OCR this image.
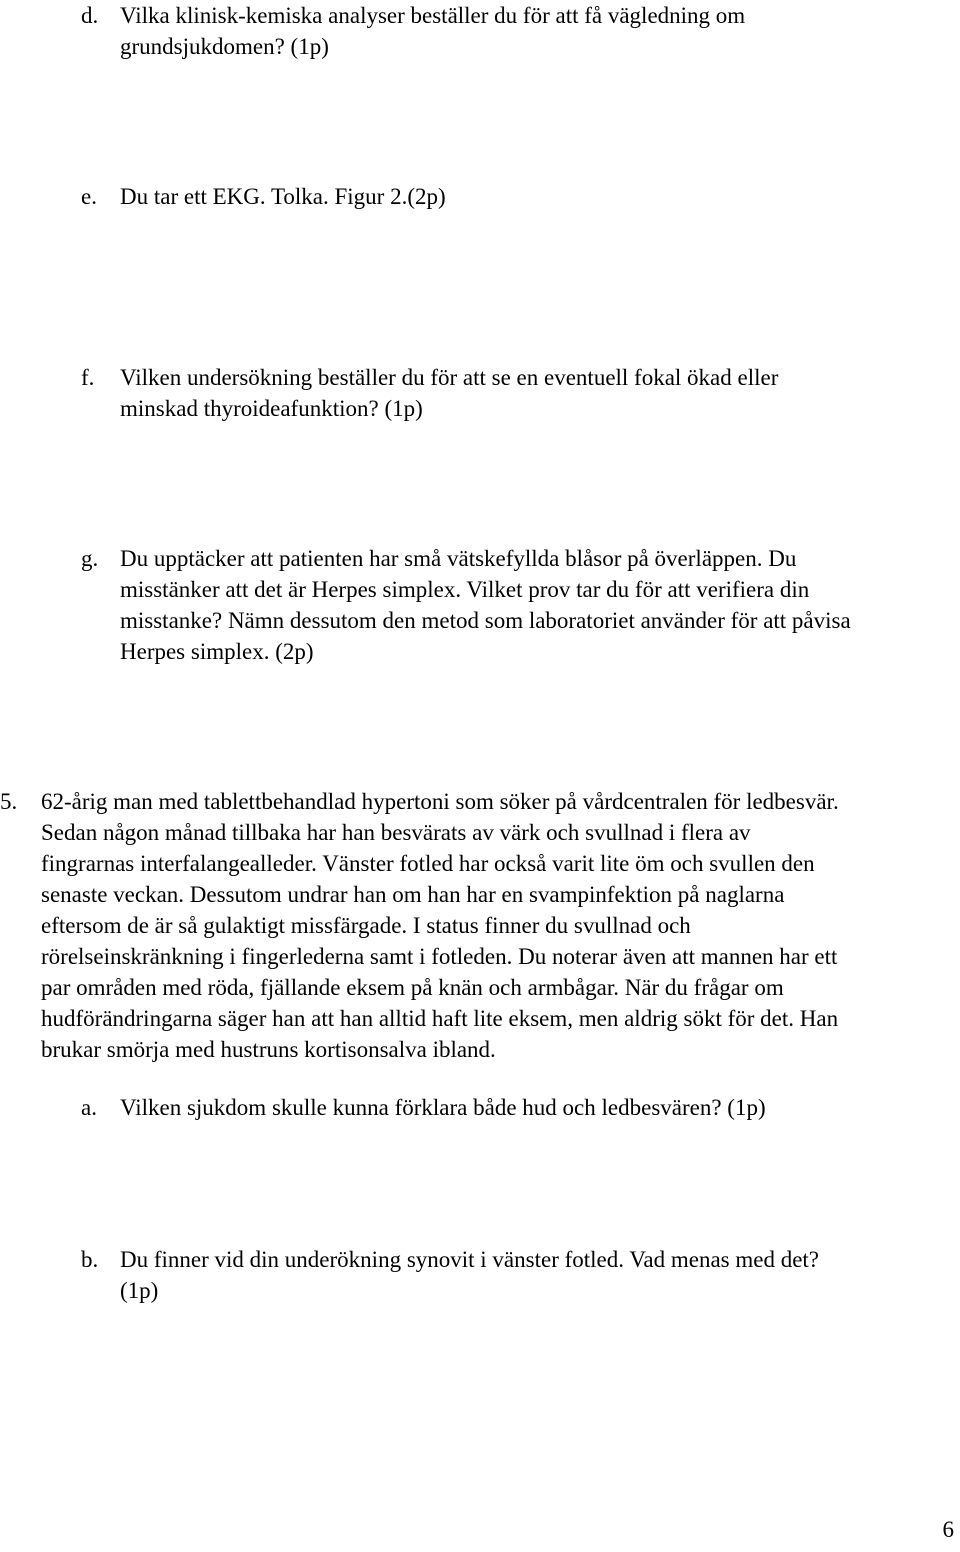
d. Vilka klinisk-kemiska analyser beställer du för att få vägledning om
grundsjukdomen? (1p)
e. Du tar ett EKG. Tolka. Figur 2.(2p)
f. Vilken undersökning beställer du för att se en eventuell fokal ökad eller
minskad thyroideafunktion? (1p)
g. Du upptäcker att patienten har små vätskefyllda blåsor på överläppen. Du
misstänker att det är Herpes simplex. Vilket prov tar du för att verifiera din
misstanke? Nämn dessutom den metod som laboratoriet använder för att påvisa
Herpes simplex. (2p)
5. 62-årig man med tablettbehandlad hypertoni som söker på vårdcentralen för ledbesvär.
Sedan någon månad tillbaka har han besvärats av värk och svullnad i flera av
fingrarnas interfalangealleder. Vänster fotled har också varit lite öm och svullen den
senaste veckan. Dessutom undrar han om han har en svampinfektion på naglarna
eftersom de är så gulaktigt missfärgade. I status finner du svullnad och
rörelseinskränkning i fingerlederna samt i fotleden. Du noterar även att mannen har ett
par områden med röda, fjällande eksem på knän och armbågar. När du frågar om
hudförändringarna säger han att han alltid haft lite eksem, men aldrig sökt för det. Han
brukar smörja med hustruns kortisonsalva ibland.
a. Vilken sjukdom skulle kunna förklara både hud och ledbesvären? (1p)
b. Du finner vid din underökning synovit i vänster fotled. Vad menas med det?
(1p)
6
